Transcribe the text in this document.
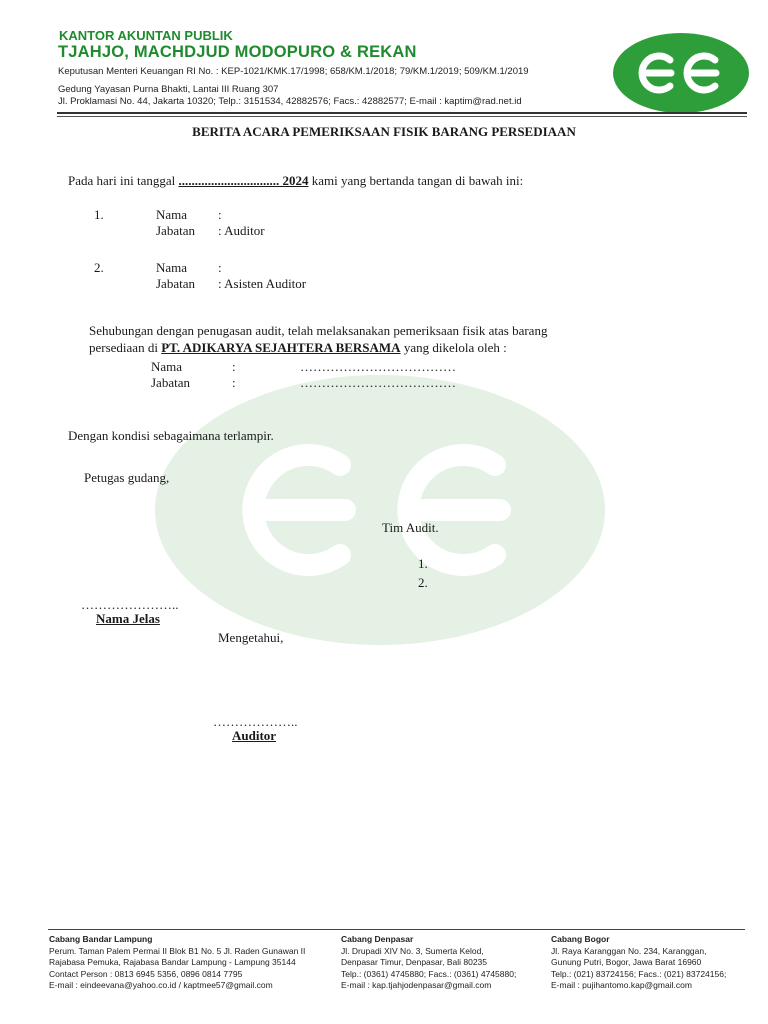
KANTOR AKUNTAN PUBLIK
TJAHJO, MACHDJUD MODOPURO & REKAN
Keputusan Menteri Keuangan RI No. : KEP-1021/KMK.17/1998; 658/KM.1/2018; 79/KM.1/2019; 509/KM.1/2019
Gedung Yayasan Purna Bhakti, Lantai III Ruang 307
Jl. Proklamasi No. 44, Jakarta 10320; Telp.: 3151534, 42882576; Facs.: 42882577; E-mail : kaptim@rad.net.id
BERITA ACARA PEMERIKSAAN FISIK BARANG PERSEDIAAN
Pada hari ini tanggal ............................... 2024 kami yang bertanda tangan di bawah ini:
1.	Nama :
Jabatan : Auditor
2.	Nama :
Jabatan : Asisten Auditor
Sehubungan dengan penugasan audit, telah melaksanakan pemeriksaan fisik atas barang
persediaan di PT. ADIKARYA SEJAHTERA BERSAMA yang dikelola oleh :
Nama	:	………………………………
Jabatan	:	………………………………
Dengan kondisi sebagaimana terlampir.
Petugas gudang,
Tim Audit.
1.
2.
…………………..
Nama Jelas
Mengetahui,
………………..
Auditor
Cabang Bandar Lampung
Perum. Taman Palem Permai II Blok B1 No. 5 Jl. Raden Gunawan II
Rajabasa Pemuka, Rajabasa Bandar Lampung - Lampung 35144
Contact Person : 0813 6945 5356, 0896 0814 7795
E-mail : eindeevana@yahoo.co.id / kaptmee57@gmail.com
Cabang Denpasar
Jl. Drupadi XIV No. 3, Sumerta Kelod,
Denpasar Timur, Denpasar, Bali 80235
Telp.: (0361) 4745880; Facs.: (0361) 4745880;
E-mail : kap.tjahjodenpasar@gmail.com
Cabang Bogor
Jl. Raya Karanggan No. 234, Karanggan,
Gunung Putri, Bogor, Jawa Barat 16960
Telp.: (021) 83724156; Facs.: (021) 83724156;
E-mail : pujihantomo.kap@gmail.com
